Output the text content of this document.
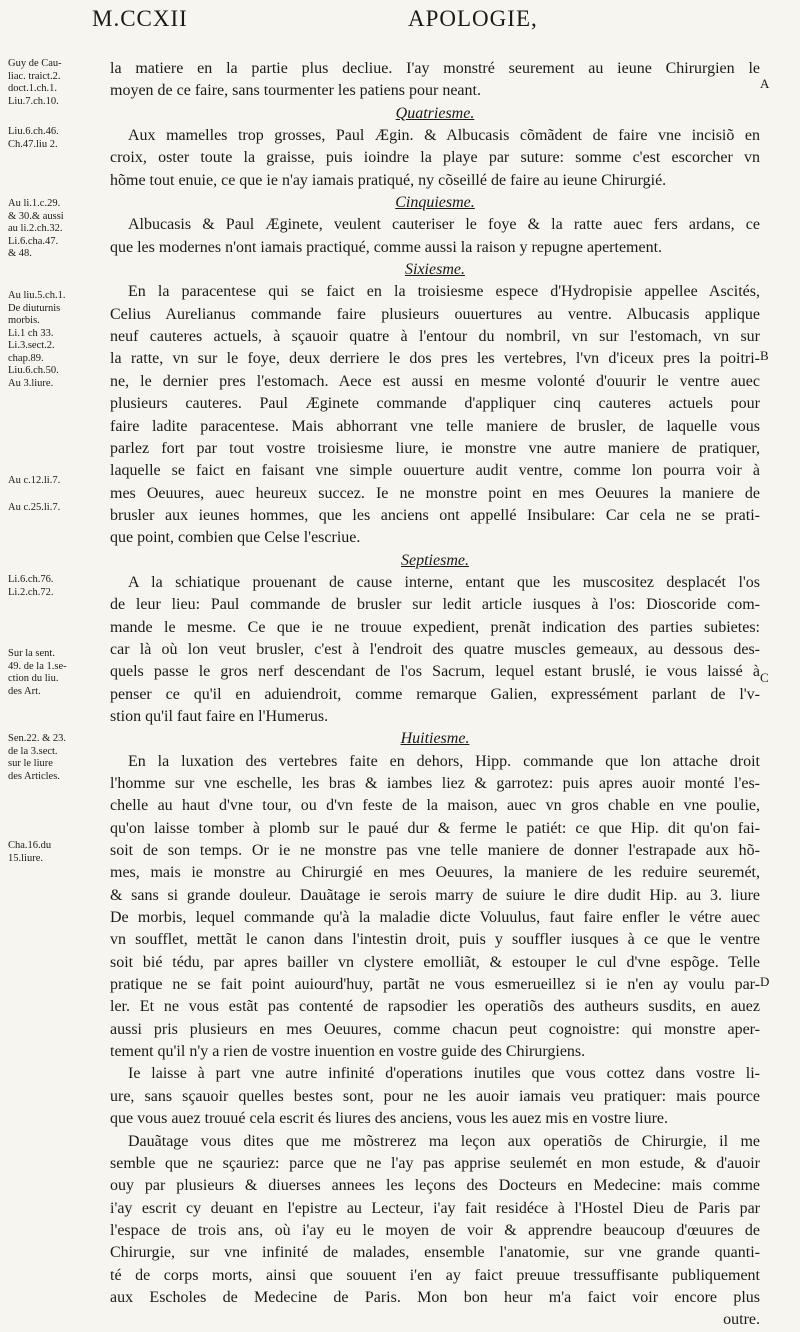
M.CCXII	APOLOGIE,
Guy de Cau-
liac. traict.2.
doct.1.ch.1.
Liu.7.ch.10.
Liu.6.ch.46.
Ch.47.liu 2.
Au li.1.c.29.
& 30.& aussi
au li.2.ch.32.
Li.6.cha.47.
& 48.
Au liu.5.ch.1.
De diuturnis
morbis.
Li.1 ch 33.
Li.3.sect.2.
chap.89.
Liu.6.ch.50.
Au 3.liure.
Au c.12.li.7.
Au c.25.li.7.
Li.6.ch.76.
Li.2.ch.72.
Sur la sent.
49. de la 1.se-
ction du liu.
des Art.
Sen.22. & 23.
de la 3.sect.
sur le liure
des Articles.
Cha.16.du
15.liure.
A
B
C
D
la matiere en la partie plus decliue. I'ay monstré seurement au ieune Chirurgien le
moyen de ce faire, sans tourmenter les patiens pour neant.
Quatriesme.
Aux mamelles trop grosses, Paul Ægin. & Albucasis cõmãdent de faire vne incisiõ en
croix, oster toute la graisse, puis ioindre la playe par suture: somme c'est escorcher vn
hõme tout enuie, ce que ie n'ay iamais pratiqué, ny cõseillé de faire au ieune Chirurgié.
Cinquiesme.
Albucasis & Paul Æginete, veulent cauteriser le foye & la ratte auec fers ardans, ce
que les modernes n'ont iamais practiqué, comme aussi la raison y repugne apertement.
Sixiesme.
En la paracentese qui se faict en la troisiesme espece d'Hydropisie appellee Ascités,
Celius Aurelianus commande faire plusieurs ouuertures au ventre. Albucasis applique
neuf cauteres actuels, à sçauoir quatre à l'entour du nombril, vn sur l'estomach, vn sur
la ratte, vn sur le foye, deux derriere le dos pres les vertebres, l'vn d'iceux pres la poitri-
ne, le dernier pres l'estomach. Aece est aussi en mesme volonté d'ouurir le ventre auec
plusieurs cauteres. Paul Æginete commande d'appliquer cinq cauteres actuels pour
faire ladite paracentese. Mais abhorrant vne telle maniere de brusler, de laquelle vous
parlez fort par tout vostre troisiesme liure, ie monstre vne autre maniere de pratiquer,
laquelle se faict en faisant vne simple ouuerture audit ventre, comme lon pourra voir à
mes Oeuures, auec heureux succez. Ie ne monstre point en mes Oeuures la maniere de
brusler aux ieunes hommes, que les anciens ont appellé Insibulare: Car cela ne se prati-
que point, combien que Celse l'escriue.
Septiesme.
A la schiatique prouenant de cause interne, entant que les muscositez desplacét l'os
de leur lieu: Paul commande de brusler sur ledit article iusques à l'os: Dioscoride com-
mande le mesme. Ce que ie ne trouue expedient, prenãt indication des parties subietes:
car là où lon veut brusler, c'est à l'endroit des quatre muscles gemeaux, au dessous des-
quels passe le gros nerf descendant de l'os Sacrum, lequel estant bruslé, ie vous laissé à
penser ce qu'il en aduiendroit, comme remarque Galien, expressément parlant de l'v-
stion qu'il faut faire en l'Humerus.
Huitiesme.
En la luxation des vertebres faite en dehors, Hipp. commande que lon attache droit
l'homme sur vne eschelle, les bras & iambes liez & garrotez: puis apres auoir monté l'es-
chelle au haut d'vne tour, ou d'vn feste de la maison, auec vn gros chable en vne poulie,
qu'on laisse tomber à plomb sur le paué dur & ferme le patiét: ce que Hip. dit qu'on fai-
soit de son temps. Or ie ne monstre pas vne telle maniere de donner l'estrapade aux hõ-
mes, mais ie monstre au Chirurgié en mes Oeuures, la maniere de les reduire seuremét,
& sans si grande douleur. Dauãtage ie serois marry de suiure le dire dudit Hip. au 3. liure
De morbis, lequel commande qu'à la maladie dicte Voluulus, faut faire enfler le vétre auec
vn soufflet, mettãt le canon dans l'intestin droit, puis y souffler iusques à ce que le ventre
soit bié tédu, par apres bailler vn clystere emolliãt, & estouper le cul d'vne espõge. Telle
pratique ne se fait point auiourd'huy, partãt ne vous esmerueillez si ie n'en ay voulu par-
ler. Et ne vous estãt pas contenté de rapsodier les operatiõs des autheurs susdits, en auez
aussi pris plusieurs en mes Oeuures, comme chacun peut cognoistre: qui monstre aper-
tement qu'il n'y a rien de vostre inuention en vostre guide des Chirurgiens.
Ie laisse à part vne autre infinité d'operations inutiles que vous cottez dans vostre li-
ure, sans sçauoir quelles bestes sont, pour ne les auoir iamais veu pratiquer: mais pource
que vous auez trouué cela escrit és liures des anciens, vous les auez mis en vostre liure.
Dauãtage vous dites que me mõstrerez ma leçon aux operatiõs de Chirurgie, il me
semble que ne sçauriez: parce que ne l'ay pas apprise seulemét en mon estude, & d'auoir
ouy par plusieurs & diuerses annees les leçons des Docteurs en Medecine: mais comme
i'ay escrit cy deuant en l'epistre au Lecteur, i'ay fait residéce à l'Hostel Dieu de Paris par
l'espace de trois ans, où i'ay eu le moyen de voir & apprendre beaucoup d'œuures de
Chirurgie, sur vne infinité de malades, ensemble l'anatomie, sur vne grande quanti-
té de corps morts, ainsi que souuent i'en ay faict preuue tressuffisante publiquement
aux Escholes de Medecine de Paris. Mon bon heur m'a faict voir encore plus
outre.
